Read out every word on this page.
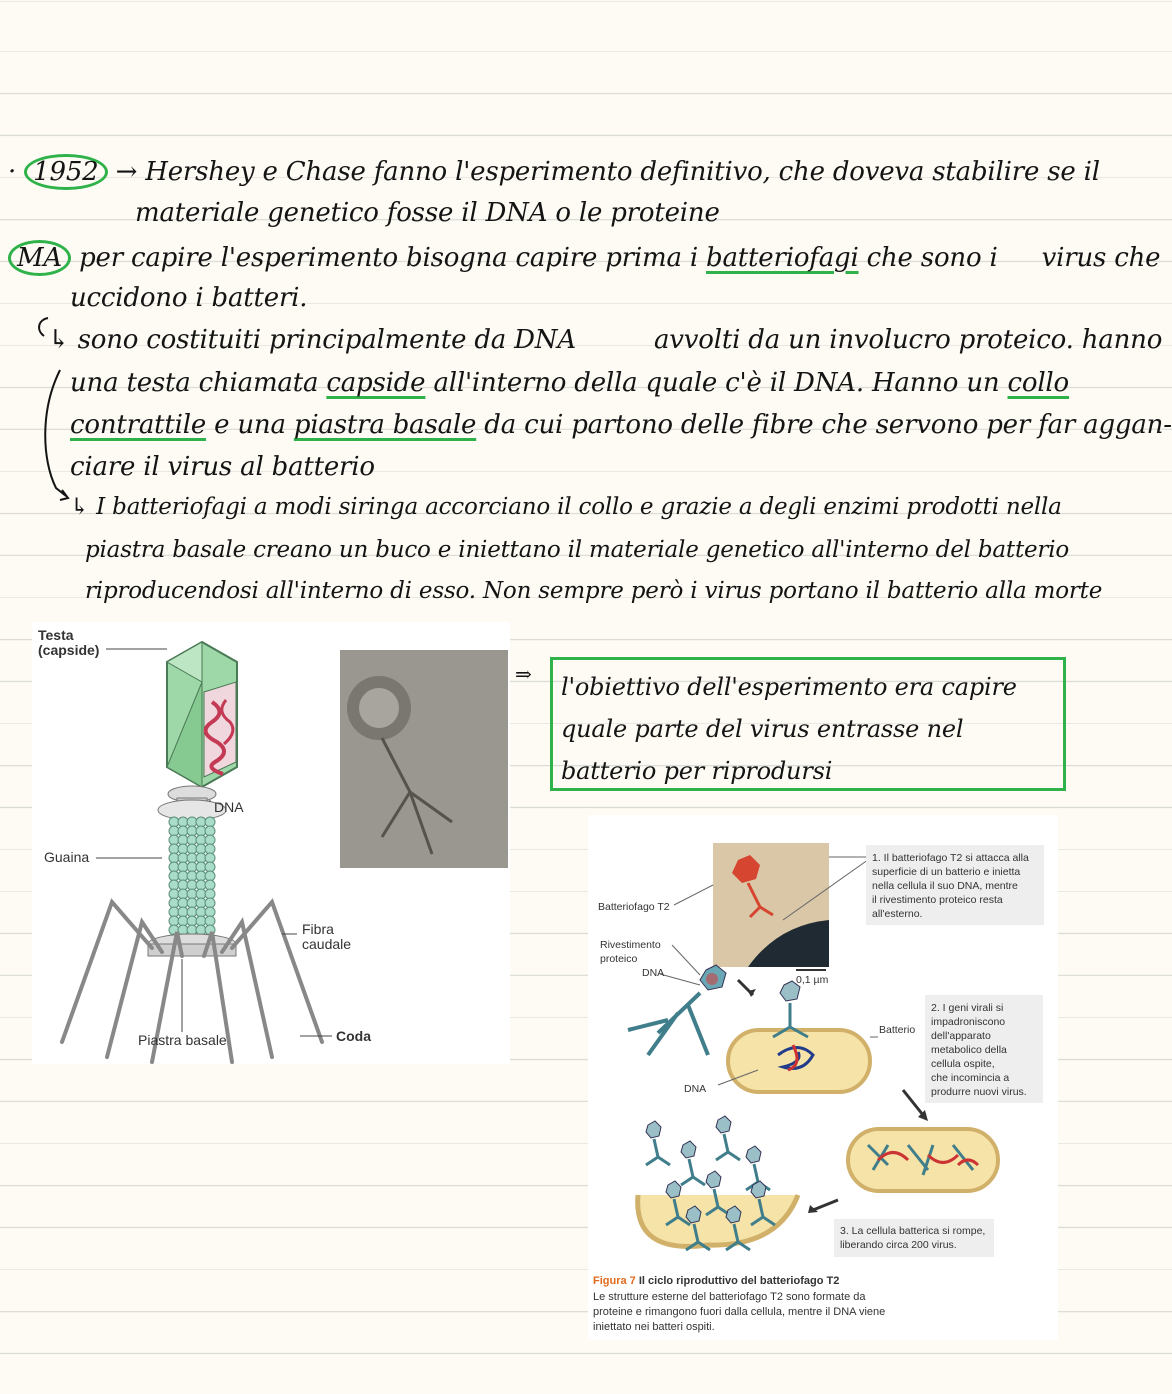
· 1952 → Hershey e Chase fanno l'esperimento definitivo, che doveva stabilire se il
materiale genetico fosse il DNA o le proteine
MA per capire l'esperimento bisogna capire prima i batteriofagi che sono i virus che
uccidono i batteri.
↳ sono costituiti principalmente da DNA	avvolti da un involucro proteico. hanno
una testa chiamata capside all'interno della quale c'è il DNA. Hanno un collo
contrattile e una piastra basale da cui partono delle fibre che servono per far aggan-
ciare il virus al batterio
↳ I batteriofagi a modi siringa accorciano il collo e grazie a degli enzimi prodotti nella
piastra basale creano un buco e iniettano il materiale genetico all'interno del batterio
riproducendosi all'interno di esso. Non sempre però i virus portano il batterio alla morte
⇒	l'obiettivo dell'esperimento era capire quale parte del virus entrasse nel batterio per riprodursi
Testa
(capside)
DNA
Guaina
Fibra
caudale
Piastra basale	Coda
Batteriofago T2
Rivestimento
proteico
DNA
0,1 µm
Batterio
DNA
1. Il batteriofago T2 si attacca alla
superficie di un batterio e inietta
nella cellula il suo DNA, mentre
il rivestimento proteico resta
all'esterno.
2. I geni virali si
impadroniscono
dell'apparato
metabolico della
cellula ospite,
che incomincia a
produrre nuovi virus.
3. La cellula batterica si rompe,
liberando circa 200 virus.
Figura 7 Il ciclo riproduttivo del batteriofago T2
Le strutture esterne del batteriofago T2 sono formate da
proteine e rimangono fuori dalla cellula, mentre il DNA viene
iniettato nei batteri ospiti.
